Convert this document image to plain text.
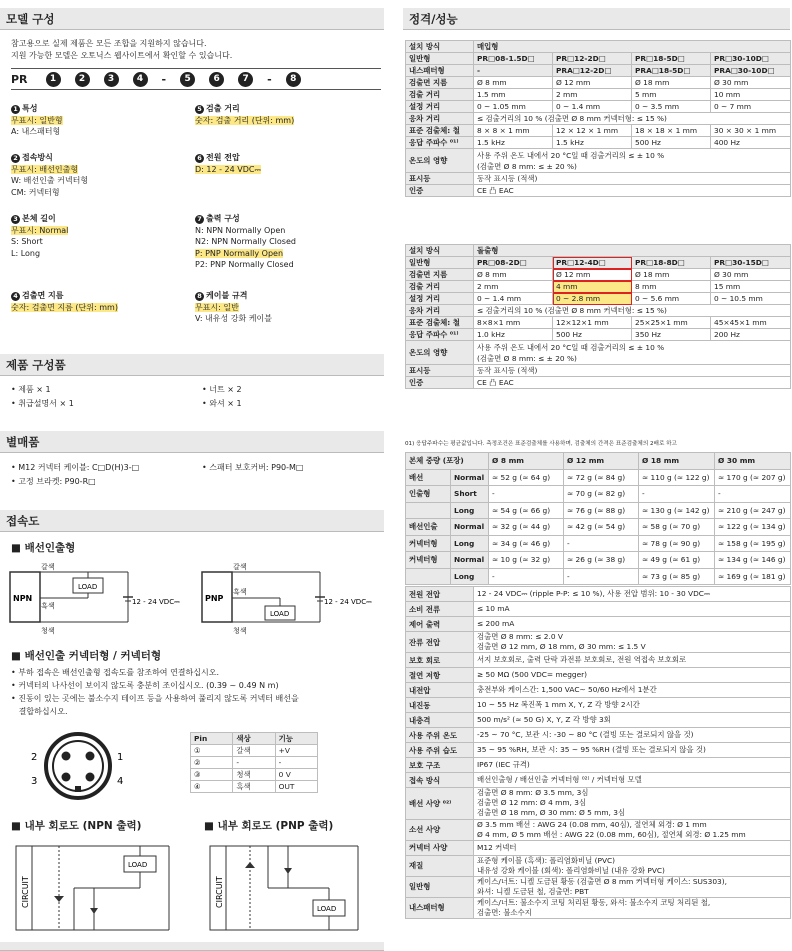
모델 구성
참고용으로 실제 제품은 모든 조합을 지원하지 않습니다.
지원 가능한 모델은 오토닉스 웹사이트에서 확인할 수 있습니다.
PR	1	2	3	4	-	5	6	7	-	8
1 특성
무표시: 일반형
A: 내스패터형
5 검출 거리
숫자: 검출 거리 (단위: mm)
2 접속방식
무표시: 배선인출형
W: 배선인출 커넥터형
CM: 커넥터형
6 전원 전압
D: 12 - 24 VDC⎓
3 본체 길이
무표시: Normal
S: Short
L: Long
7 출력 구성
N: NPN Normally Open
N2: NPN Normally Closed
P: PNP Normally Open
P2: PNP Normally Closed
4 검출면 지름
숫자: 검출면 지름 (단위: mm)
8 케이블 규격
무표시: 일반
V: 내유성 강화 케이블
제품 구성품
• 제품 × 1	• 너트 × 2
• 취급설명서 × 1	• 와셔 × 1
별매품
• M12 커넥터 케이블: C□D(H)3-□	• 스패터 보호커버: P90-M□
• 고정 브라켓: P90-R□
접속도
■ 배선인출형
NPN
LOAD
갈색
흑색
청색
12 - 24 VDC⎓	PNP
LOAD
갈색
흑색
청색
12 - 24 VDC⎓
■ 배선인출 커넥터형 / 커넥터형
• 부하 접속은 배선인출형 접속도를 참조하여 연결하십시오.
• 커넥터의 나사선이 보이지 않도록 충분히 조이십시오. (0.39 ~ 0.49 N m)
• 진동이 있는 곳에는 불소수지 테이프 등을 사용하여 풀리지 않도록 커넥터 배선을
결합하십시오.
2	1
3	4
Pin	색상	기능
①	갈색	+V
②	-	-
③	청색	0 V
④	흑색	OUT
■ 내부 회로도 (NPN 출력)	■ 내부 회로도 (PNP 출력)
CIRCUIT
LOAD
CIRCUIT
LOAD
정격/성능
설치 방식	매입형			
일반형	PR□08-1.5D□	PR□12-2D□	PR□18-5D□	PR□30-10D□
내스패터형	-	PRA□12-2D□	PRA□18-5D□	PRA□30-10D□
검출면 지름	Ø 8 mm	Ø 12 mm	Ø 18 mm	Ø 30 mm
검출 거리	1.5 mm	2 mm	5 mm	10 mm
설정 거리	0 ~ 1.05 mm	0 ~ 1.4 mm	0 ~ 3.5 mm	0 ~ 7 mm
응차 거리	≤ 검출거리의 10 % (검출면 Ø 8 mm 커넥터형: ≤ 15 %)			
표준 검출체: 철	8 × 8 × 1 mm	12 × 12 × 1 mm	18 × 18 × 1 mm	30 × 30 × 1 mm
응답 주파수 ⁰¹⁾	1.5 kHz	1.5 kHz	500 Hz	400 Hz
온도의 영향	사용 주위 온도 내에서 20 °C일 때 검출거리의 ≤ ± 10 %
(검출면 Ø 8 mm: ≤ ± 20 %)			

표시등	동작 표시등 (적색)			
인증	CE 凸 EAC			
설치 방식	돌출형			
일반형	PR□08-2D□	PR□12-4D□	PR□18-8D□	PR□30-15D□
검출면 지름	Ø 8 mm	Ø 12 mm	Ø 18 mm	Ø 30 mm
검출 거리	2 mm	4 mm	8 mm	15 mm
설정 거리	0 ~ 1.4 mm	0 ~ 2.8 mm	0 ~ 5.6 mm	0 ~ 10.5 mm
응차 거리	≤ 검출거리의 10 % (검출면 Ø 8 mm 커넥터형: ≤ 15 %)			
표준 검출체: 철	8×8×1 mm	12×12×1 mm	25×25×1 mm	45×45×1 mm
응답 주파수 ⁰¹⁾	1.0 kHz	500 Hz	350 Hz	200 Hz
온도의 영향	사용 주위 온도 내에서 20 °C일 때 검출거리의 ≤ ± 10 %
(검출면 Ø 8 mm: ≤ ± 20 %)			

표시등	동작 표시등 (적색)			
인증	CE 凸 EAC			

01) 응답주파수는 평균값입니다. 측정조건은 표준검출체를 사용하며, 검출체의 간격은 표준검출체의 2배로 하고

본체 중량 (포장)		Ø 8 mm	Ø 12 mm	Ø 18 mm	Ø 30 mm
배선	Normal	≈ 52 g (≈ 64 g)	≈ 72 g (≈ 84 g)	≈ 110 g (≈ 122 g)	≈ 170 g (≈ 207 g)
인출형	Short	-	≈ 70 g (≈ 82 g)	-	-
	Long	≈ 54 g (≈ 66 g)	≈ 76 g (≈ 88 g)	≈ 130 g (≈ 142 g)	≈ 210 g (≈ 247 g)
배선인출	Normal	≈ 32 g (≈ 44 g)	≈ 42 g (≈ 54 g)	≈ 58 g (≈ 70 g)	≈ 122 g (≈ 134 g)
커넥터형	Long	≈ 34 g (≈ 46 g)	-	≈ 78 g (≈ 90 g)	≈ 158 g (≈ 195 g)
커넥터형	Normal	≈ 10 g (≈ 32 g)	≈ 26 g (≈ 38 g)	≈ 49 g (≈ 61 g)	≈ 134 g (≈ 146 g)
	Long	-	-	≈ 73 g (≈ 85 g)	≈ 169 g (≈ 181 g)
전원 전압	12 - 24 VDC⎓ (ripple P-P: ≤ 10 %), 사용 전압 범위: 10 - 30 VDC⎓

소비 전류	≤ 10 mA

제어 출력	≤ 200 mA

잔류 전압	검출면 Ø 8 mm: ≤ 2.0 V
검출면 Ø 12 mm, Ø 18 mm, Ø 30 mm: ≤ 1.5 V

보호 회로	서지 보호회로, 출력 단락 과전류 보호회로, 전원 역접속 보호회로

절연 저항	≥ 50 MΩ (500 VDC= megger)

내전압	충전부와 케이스간: 1,500 VAC∼ 50/60 Hz에서 1분간

내진동	10 ~ 55 Hz 복진폭 1 mm X, Y, Z 각 방향 2시간

내충격	500 m/s² (≈ 50 G) X, Y, Z 각 방향 3회

사용 주위 온도	-25 ~ 70 °C, 보관 시: -30 ~ 80 °C (결빙 또는 결로되지 않을 것)

사용 주위 습도	35 ~ 95 %RH, 보관 시: 35 ~ 95 %RH (결빙 또는 결로되지 않을 것)

보호 구조	IP67 (IEC 규격)

접속 방식	배선인출형 / 배선인출 커넥터형 ⁰²⁾ / 커넥터형 모델

배선 사양 ⁰²⁾	검출면 Ø 8 mm: Ø 3.5 mm, 3심
검출면 Ø 12 mm: Ø 4 mm, 3심
검출면 Ø 18 mm, Ø 30 mm: Ø 5 mm, 3심

소선 사양	Ø 3.5 mm 배선 : AWG 24 (0.08 mm, 40심), 절연체 외경: Ø 1 mm
Ø 4 mm, Ø 5 mm 배선 : AWG 22 (0.08 mm, 60심), 절연체 외경: Ø 1.25 mm

커넥터 사양	M12 커넥터

재질	표준형 케이블 (흑색): 폴리염화비닐 (PVC)
내유성 강화 케이블 (회색): 폴리염화비닐 (내유 강화 PVC)

일반형	케이스/너트: 니켈 도금된 황동 (검출면 Ø 8 mm 커넥터형 케이스: SUS303),
와셔: 니켈 도금된 철, 검출면: PBT

내스패터형	케이스/너트: 불소수지 코팅 처리된 황동, 와셔: 불소수지 코팅 처리된 철,
검출면: 불소수지
